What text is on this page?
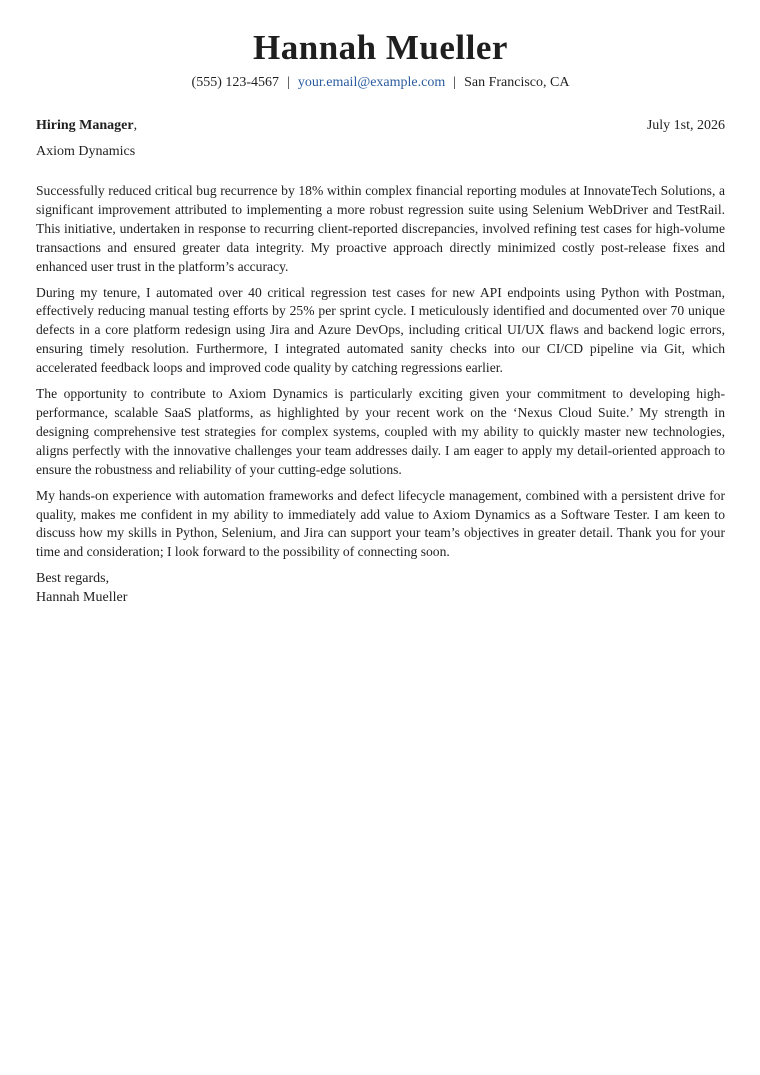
Hannah Mueller
(555) 123-4567 | your.email@example.com | San Francisco, CA
Hiring Manager,	July 1st, 2026
Axiom Dynamics

Successfully reduced critical bug recurrence by 18% within complex financial reporting modules at InnovateTech Solutions, a significant improvement attributed to implementing a more robust regression suite using Selenium WebDriver and TestRail. This initiative, undertaken in response to recurring client-reported discrepancies, involved refining test cases for high-volume transactions and ensured greater data integrity. My proactive approach directly minimized costly post-release fixes and enhanced user trust in the platform’s accuracy.

During my tenure, I automated over 40 critical regression test cases for new API endpoints using Python with Postman, effectively reducing manual testing efforts by 25% per sprint cycle. I meticulously identified and documented over 70 unique defects in a core platform redesign using Jira and Azure DevOps, including critical UI/UX flaws and backend logic errors, ensuring timely resolution. Furthermore, I integrated automated sanity checks into our CI/CD pipeline via Git, which accelerated feedback loops and improved code quality by catching regressions earlier.

The opportunity to contribute to Axiom Dynamics is particularly exciting given your commitment to developing high-performance, scalable SaaS platforms, as highlighted by your recent work on the ‘Nexus Cloud Suite.’ My strength in designing comprehensive test strategies for complex systems, coupled with my ability to quickly master new technologies, aligns perfectly with the innovative challenges your team addresses daily. I am eager to apply my detail-oriented approach to ensure the robustness and reliability of your cutting-edge solutions.

My hands-on experience with automation frameworks and defect lifecycle management, combined with a persistent drive for quality, makes me confident in my ability to immediately add value to Axiom Dynamics as a Software Tester. I am keen to discuss how my skills in Python, Selenium, and Jira can support your team’s objectives in greater detail. Thank you for your time and consideration; I look forward to the possibility of connecting soon.

Best regards,
Hannah Mueller
